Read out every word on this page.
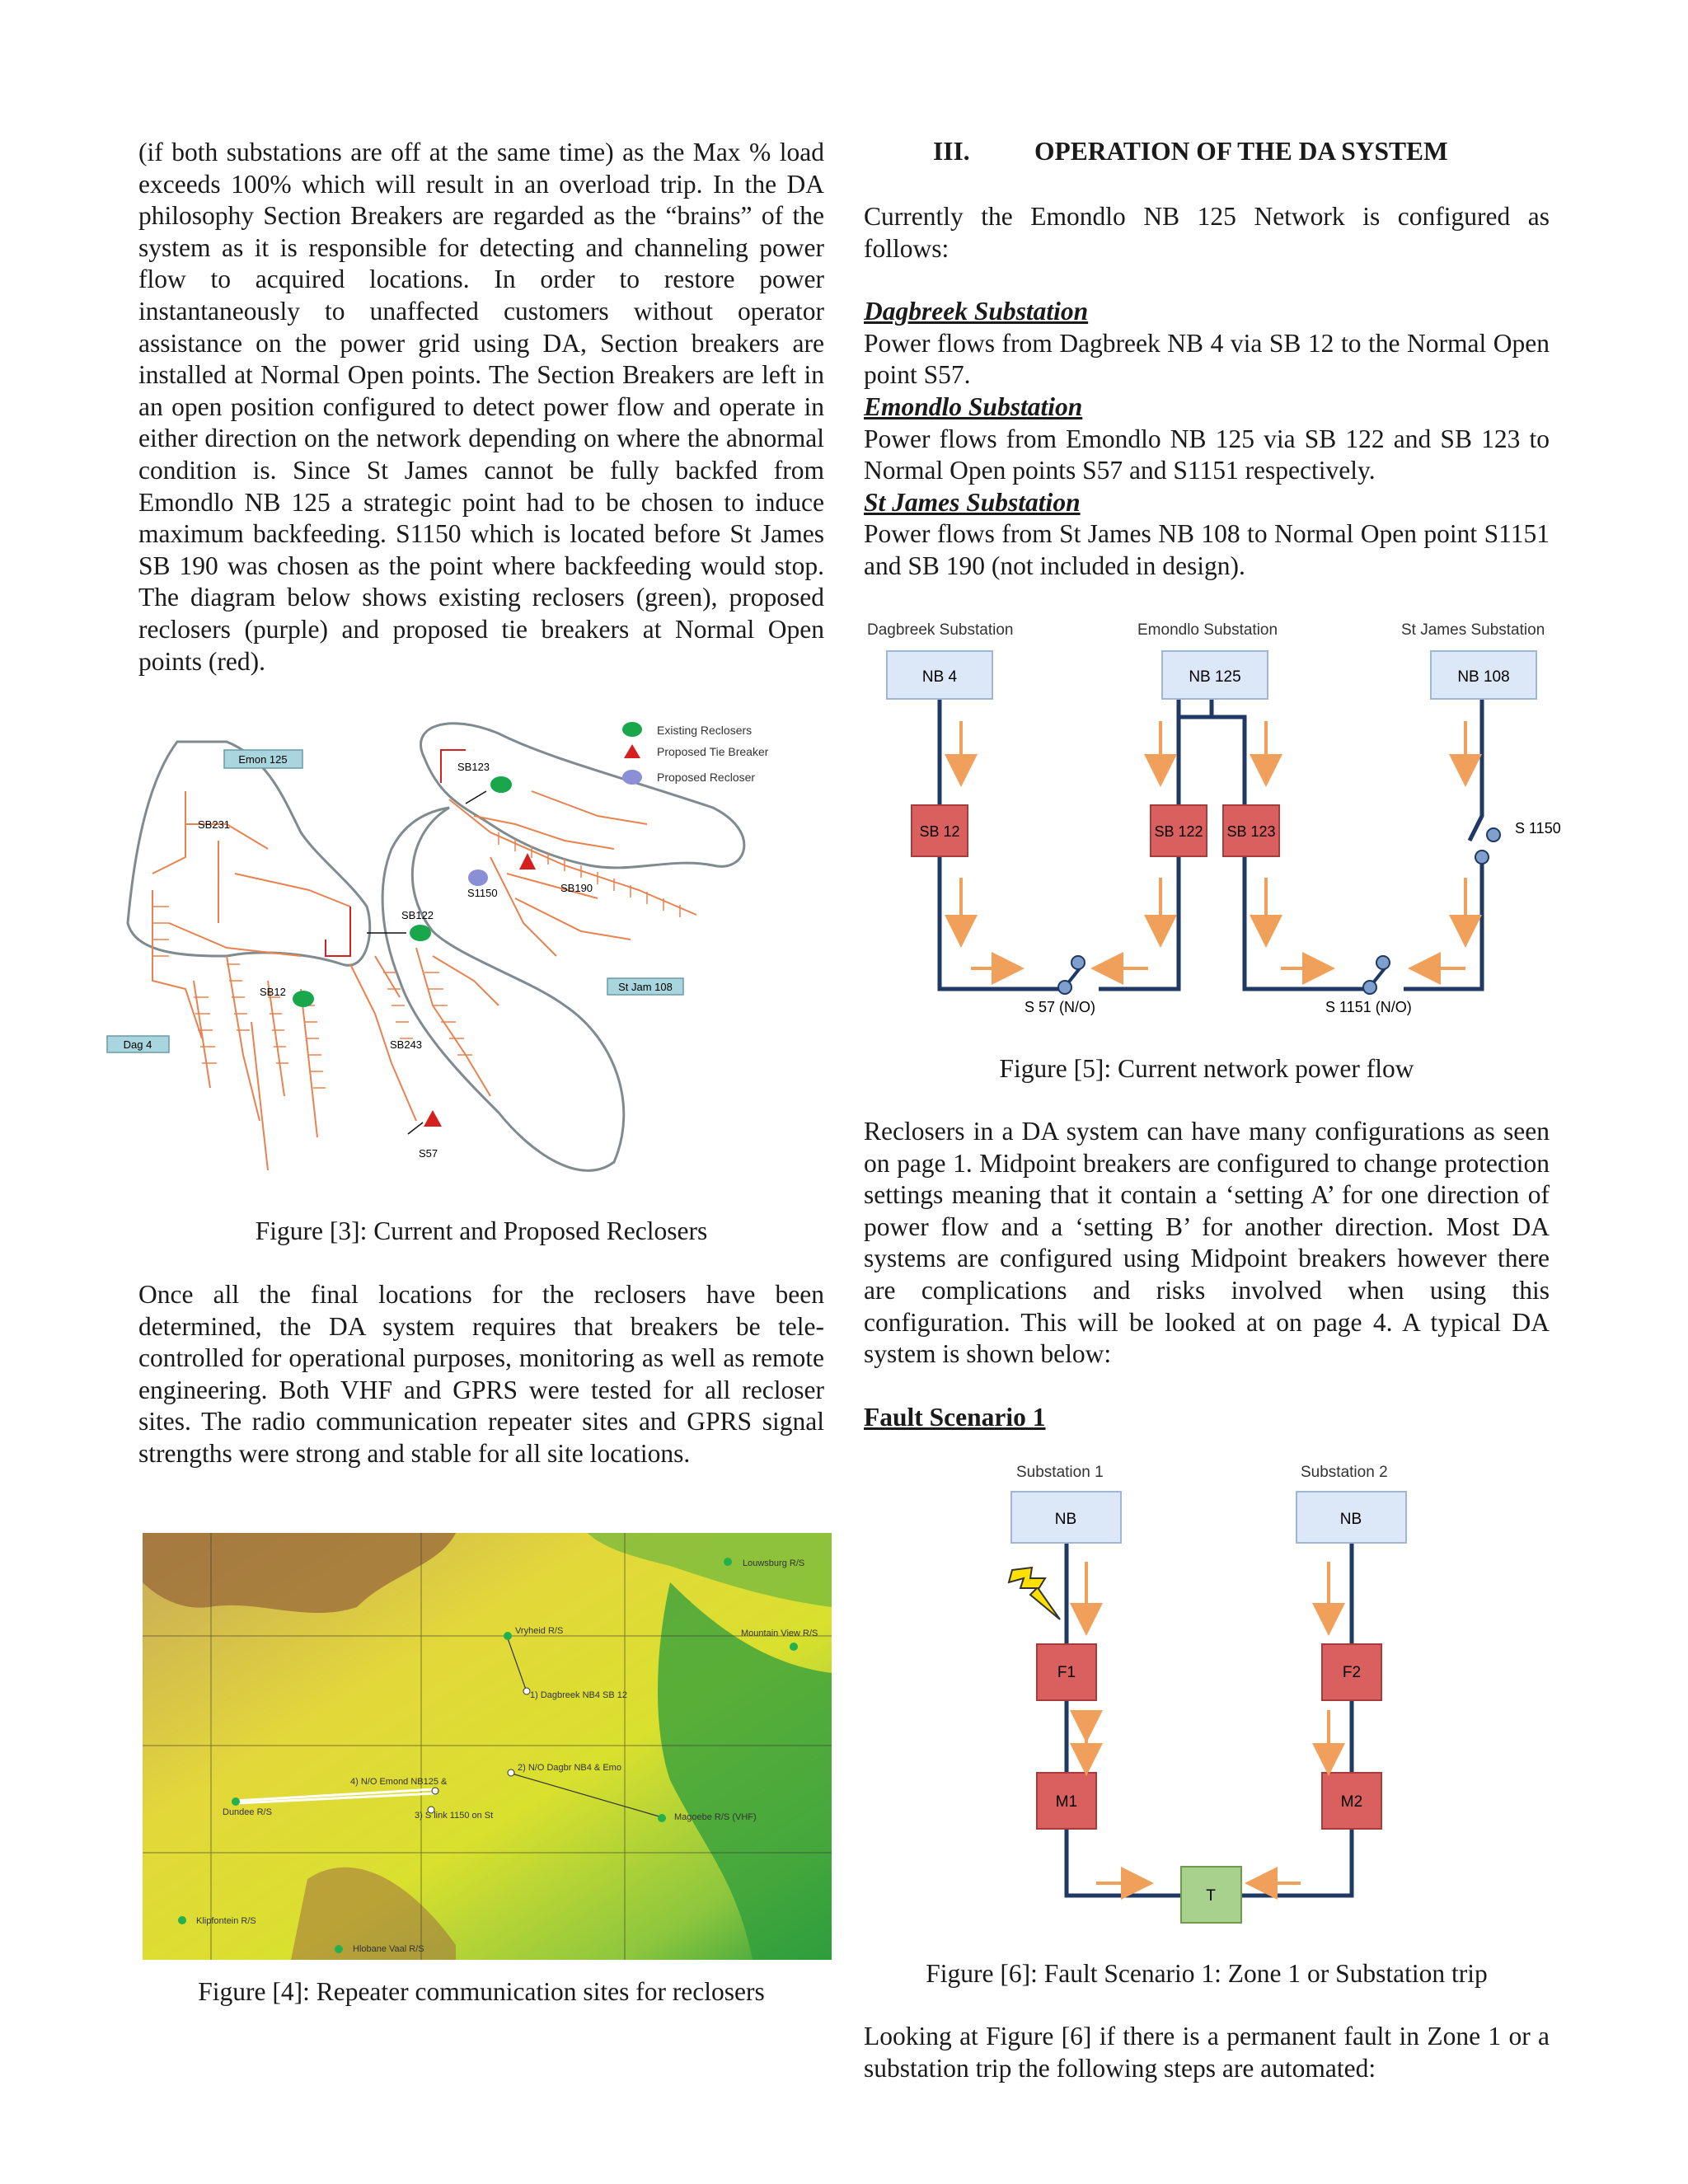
(if both substations are off at the same time) as the Max % load exceeds 100% which will result in an overload trip. In the DA philosophy Section Breakers are regarded as the “brains” of the system as it is responsible for detecting and channeling power flow to acquired locations. In order to restore power instantaneously to unaffected customers without operator assistance on the power grid using DA, Section breakers are installed at Normal Open points. The Section Breakers are left in an open position configured to detect power flow and operate in either direction on the network depending on where the abnormal condition is. Since St James cannot be fully backfed from Emondlo NB 125 a strategic point had to be chosen to induce maximum backfeeding. S1150 which is located before St James SB 190 was chosen as the point where backfeeding would stop. The diagram below shows existing reclosers (green), proposed reclosers (purple) and proposed tie breakers at Normal Open points (red).

Existing Reclosers
Proposed Tie Breaker
Proposed Recloser
Emon 125
St Jam 108
Dag 4
SB123
SB231
SB122
S1150	SB190
SB12
SB243
S57

Figure [3]: Current and Proposed Reclosers

Once all the final locations for the reclosers have been determined, the DA system requires that breakers be tele-controlled for operational purposes, monitoring as well as remote engineering. Both VHF and GPRS were tested for all recloser sites. The radio communication repeater sites and GPRS signal strengths were strong and stable for all site locations.

Louwsburg R/S
Vryheid R/S	Mountain View R/S
1) Dagbreek NB4 SB 12
2) N/O Dagbr NB4 & Emo
4) N/O Emond NB125 &
3) S link 1150 on St
Dundee R/S	Magoebe R/S (VHF)
Klipfontein R/S
Hlobane Vaal R/S

Figure [4]: Repeater communication sites for reclosers

III. OPERATION OF THE DA SYSTEM

Currently the Emondlo NB 125 Network is configured as follows:

Dagbreek Substation

Power flows from Dagbreek NB 4 via SB 12 to the Normal Open point S57.

Emondlo Substation

Power flows from Emondlo NB 125 via SB 122 and SB 123 to Normal Open points S57 and S1151 respectively.

St James Substation

Power flows from St James NB 108 to Normal Open point S1151 and SB 190 (not included in design).

Dagbreek Substation	Emondlo Substation	St James Substation
NB 4	NB 125	NB 108
SB 12	SB 122 SB 123
S 57 (N/O)	S 1151 (N/O)
S 1150

Figure [5]: Current network power flow

Reclosers in a DA system can have many configurations as seen on page 1. Midpoint breakers are configured to change protection settings meaning that it contain a ‘setting A’ for one direction of power flow and a ‘setting B’ for another direction. Most DA systems are configured using Midpoint breakers however there are complications and risks involved when using this configuration. This will be looked at on page 4. A typical DA system is shown below:

Fault Scenario 1

Substation 1	Substation 2
NB	NB
F1	F2
M1	M2
T

Figure [6]: Fault Scenario 1: Zone 1 or Substation trip

Looking at Figure [6] if there is a permanent fault in Zone 1 or a substation trip the following steps are automated:
